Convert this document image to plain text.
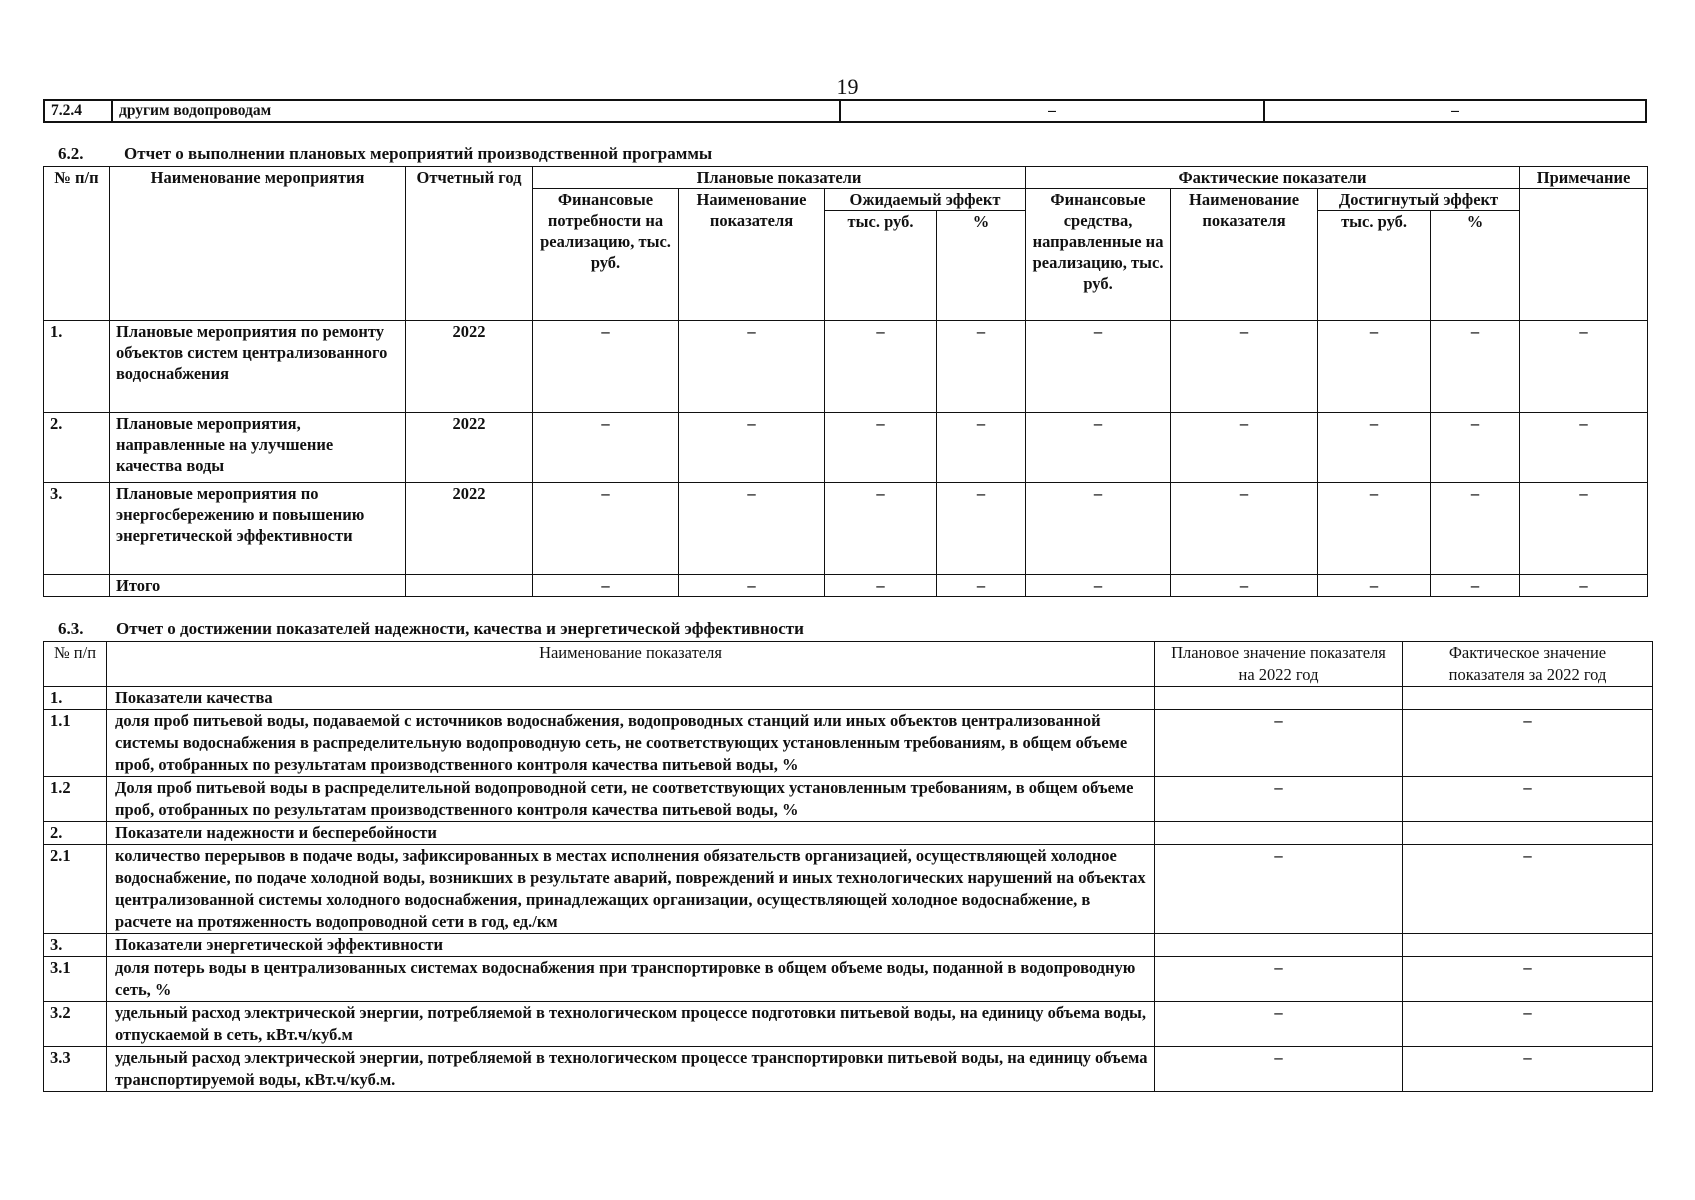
19
7.2.4	другим водопроводам	–	–
6.2. Отчет о выполнении плановых мероприятий производственной программы
№ п/п	Наименование мероприятия	Отчетный год	Плановые показатели				Фактические показатели				Примечание
			Финансовые потребности на реализацию, тыс. руб.	Наименование показателя	Ожидаемый эффект		Финансовые средства, направленные на реализацию, тыс. руб.	Наименование показателя	Достигнутый эффект		
					тыс. руб.	%			тыс. руб.	%	
1.	Плановые мероприятия по ремонту объектов систем централизованного водоснабжения	2022	–	–	–	–	–	–	–	–	–
2.	Плановые мероприятия, направленные на улучшение качества воды	2022	–	–	–	–	–	–	–	–	–
3.	Плановые мероприятия по энергосбережению и повышению энергетической эффективности	2022	–	–	–	–	–	–	–	–	–
	Итого		–	–	–	–	–	–	–	–	–
6.3. Отчет о достижении показателей надежности, качества и энергетической эффективности
№ п/п	Наименование показателя	Плановое значение показателя на 2022 год	Фактическое значение показателя за 2022 год
1.	Показатели качества		
1.1	доля проб питьевой воды, подаваемой с источников водоснабжения, водопроводных станций или иных объектов централизованной системы водоснабжения в распределительную водопроводную сеть, не соответствующих установленным требованиям, в общем объеме проб, отобранных по результатам производственного контроля качества питьевой воды, %	–	–
1.2	Доля проб питьевой воды в распределительной водопроводной сети, не соответствующих установленным требованиям, в общем объеме проб, отобранных по результатам производственного контроля качества питьевой воды, %	–	–
2.	Показатели надежности и бесперебойности		
2.1	количество перерывов в подаче воды, зафиксированных в местах исполнения обязательств организацией, осуществляющей холодное водоснабжение, по подаче холодной воды, возникших в результате аварий, повреждений и иных технологических нарушений на объектах централизованной системы холодного водоснабжения, принадлежащих организации, осуществляющей холодное водоснабжение, в расчете на протяженность водопроводной сети в год, ед./км	–	–
3.	Показатели энергетической эффективности		
3.1	доля потерь воды в централизованных системах водоснабжения при транспортировке в общем объеме воды, поданной в водопроводную сеть, %	–	–
3.2	удельный расход электрической энергии, потребляемой в технологическом процессе подготовки питьевой воды, на единицу объема воды, отпускаемой в сеть, кВт.ч/куб.м	–	–
3.3	удельный расход электрической энергии, потребляемой в технологическом процессе транспортировки питьевой воды, на единицу объема транспортируемой воды, кВт.ч/куб.м.	–	–
